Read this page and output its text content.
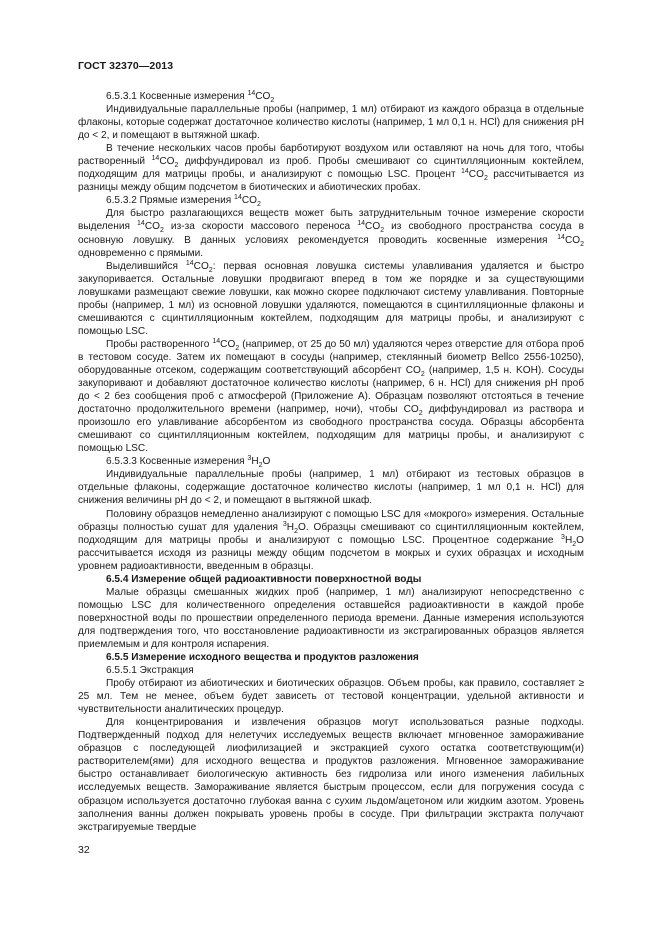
ГОСТ 32370—2013

6.5.3.1 Косвенные измерения $^{14}CO_2$

Индивидуальные параллельные пробы (например, 1 мл) отбирают из каждого образца в отдельные флаконы, которые содержат достаточное количество кислоты (например, 1 мл 0,1 н. HCl) для снижения pH до < 2, и помещают в вытяжной шкаф.

В течение нескольких часов пробы барботируют воздухом или оставляют на ночь для того, чтобы растворенный $^{14}CO_2$ диффундировал из проб. Пробы смешивают со сцинтилляционным коктейлем, подходящим для матрицы пробы, и анализируют с помощью LSC. Процент $^{14}CO_2$ рассчитывается из разницы между общим подсчетом в биотических и абиотических пробах.

6.5.3.2 Прямые измерения $^{14}CO_2$

Для быстро разлагающихся веществ может быть затруднительным точное измерение скорости выделения $^{14}CO_2$ из-за скорости массового переноса $^{14}CO_2$ из свободного пространства сосуда в основную ловушку. В данных условиях рекомендуется проводить косвенные измерения $^{14}CO_2$ одновременно с прямыми.

Выделившийся $^{14}CO_2$: первая основная ловушка системы улавливания удаляется и быстро закупоривается. Остальные ловушки продвигают вперед в том же порядке и за существующими ловушками размещают свежие ловушки, как можно скорее подключают систему улавливания. Повторные пробы (например, 1 мл) из основной ловушки удаляются, помещаются в сцинтилляционные флаконы и смешиваются с сцинтилляционным коктейлем, подходящим для матрицы пробы, и анализируют с помощью LSC.

Пробы растворенного $^{14}CO_2$ (например, от 25 до 50 мл) удаляются через отверстие для отбора проб в тестовом сосуде. Затем их помещают в сосуды (например, стеклянный биометр Bellco 2556-10250), оборудованные отсеком, содержащим соответствующий абсорбент $CO_2$ (например, 1,5 н. KOH). Сосуды закупоривают и добавляют достаточное количество кислоты (например, 6 н. HCl) для снижения pH проб до < 2 без сообщения проб с атмосферой (Приложение А). Образцам позволяют отстояться в течение достаточно продолжительного времени (например, ночи), чтобы $CO_2$ диффундировал из раствора и произошло его улавливание абсорбентом из свободного пространства сосуда. Образцы абсорбента смешивают со сцинтилляционным коктейлем, подходящим для матрицы пробы, и анализируют с помощью LSC.

6.5.3.3 Косвенные измерения $^3H_2O$

Индивидуальные параллельные пробы (например, 1 мл) отбирают из тестовых образцов в отдельные флаконы, содержащие достаточное количество кислоты (например, 1 мл 0,1 н. HCl) для снижения величины pH до < 2, и помещают в вытяжной шкаф.

Половину образцов немедленно анализируют с помощью LSC для «мокрого» измерения. Остальные образцы полностью сушат для удаления $^3H_2O$. Образцы смешивают со сцинтилляционным коктейлем, подходящим для матрицы пробы и анализируют с помощью LSC. Процентное содержание $^3H_2O$ рассчитывается исходя из разницы между общим подсчетом в мокрых и сухих образцах и исходным уровнем радиоактивности, введенным в образцы.

6.5.4 Измерение общей радиоактивности поверхностной воды

Малые образцы смешанных жидких проб (например, 1 мл) анализируют непосредственно с помощью LSC для количественного определения оставшейся радиоактивности в каждой пробе поверхностной воды по прошествии определенного периода времени. Данные измерения используются для подтверждения того, что восстановление радиоактивности из экстрагированных образцов является приемлемым и для контроля испарения.

6.5.5 Измерение исходного вещества и продуктов разложения

6.5.5.1 Экстракция

Пробу отбирают из абиотических и биотических образцов. Объем пробы, как правило, составляет ≥ 25 мл. Тем не менее, объем будет зависеть от тестовой концентрации, удельной активности и чувствительности аналитических процедур.

Для концентрирования и извлечения образцов могут использоваться разные подходы. Подтвержденный подход для нелетучих исследуемых веществ включает мгновенное замораживание образцов с последующей лиофилизацией и экстракцией сухого остатка соответствующим(и) растворителем(ями) для исходного вещества и продуктов разложения. Мгновенное замораживание быстро останавливает биологическую активность без гидролиза или иного изменения лабильных исследуемых веществ. Замораживание является быстрым процессом, если для погружения сосуда с образцом используется достаточно глубокая ванна с сухим льдом/ацетоном или жидким азотом. Уровень заполнения ванны должен покрывать уровень пробы в сосуде. При фильтрации экстракта получают экстрагируемые твердые

32
